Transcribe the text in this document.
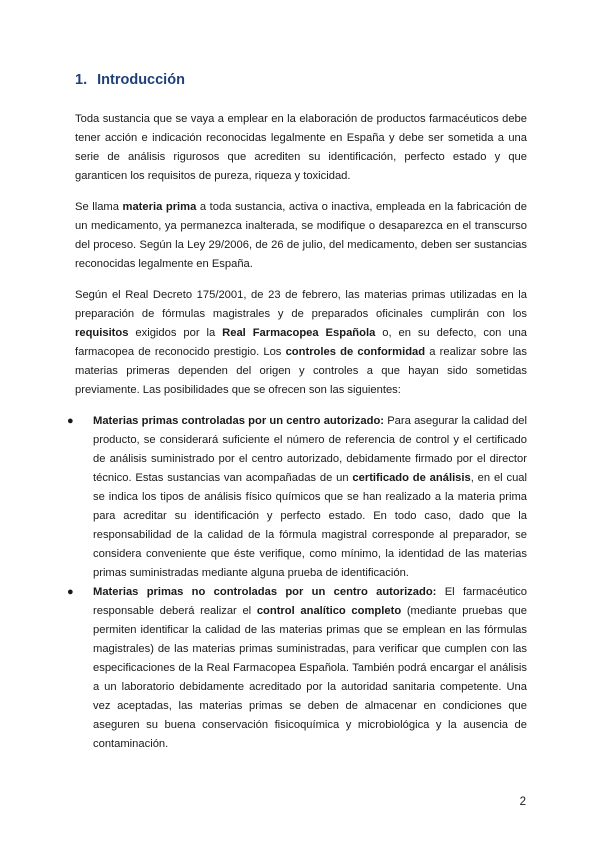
1. Introducción

Toda sustancia que se vaya a emplear en la elaboración de productos farmacéuticos debe tener acción e indicación reconocidas legalmente en España y debe ser sometida a una serie de análisis rigurosos que acrediten su identificación, perfecto estado y que garanticen los requisitos de pureza, riqueza y toxicidad.

Se llama materia prima a toda sustancia, activa o inactiva, empleada en la fabricación de un medicamento, ya permanezca inalterada, se modifique o desaparezca en el transcurso del proceso. Según la Ley 29/2006, de 26 de julio, del medicamento, deben ser sustancias reconocidas legalmente en España.

Según el Real Decreto 175/2001, de 23 de febrero, las materias primas utilizadas en la preparación de fórmulas magistrales y de preparados oficinales cumplirán con los requisitos exigidos por la Real Farmacopea Española o, en su defecto, con una farmacopea de reconocido prestigio. Los controles de conformidad a realizar sobre las materias primeras dependen del origen y controles a que hayan sido sometidas previamente. Las posibilidades que se ofrecen son las siguientes:

● Materias primas controladas por un centro autorizado: Para asegurar la calidad del producto, se considerará suficiente el número de referencia de control y el certificado de análisis suministrado por el centro autorizado, debidamente firmado por el director técnico. Estas sustancias van acompañadas de un certificado de análisis, en el cual se indica los tipos de análisis físico químicos que se han realizado a la materia prima para acreditar su identificación y perfecto estado. En todo caso, dado que la responsabilidad de la calidad de la fórmula magistral corresponde al preparador, se considera conveniente que éste verifique, como mínimo, la identidad de las materias primas suministradas mediante alguna prueba de identificación.
● Materias primas no controladas por un centro autorizado: El farmacéutico responsable deberá realizar el control analítico completo (mediante pruebas que permiten identificar la calidad de las materias primas que se emplean en las fórmulas magistrales) de las materias primas suministradas, para verificar que cumplen con las especificaciones de la Real Farmacopea Española. También podrá encargar el análisis a un laboratorio debidamente acreditado por la autoridad sanitaria competente. Una vez aceptadas, las materias primas se deben de almacenar en condiciones que aseguren su buena conservación fisicoquímica y microbiológica y la ausencia de contaminación.
2
